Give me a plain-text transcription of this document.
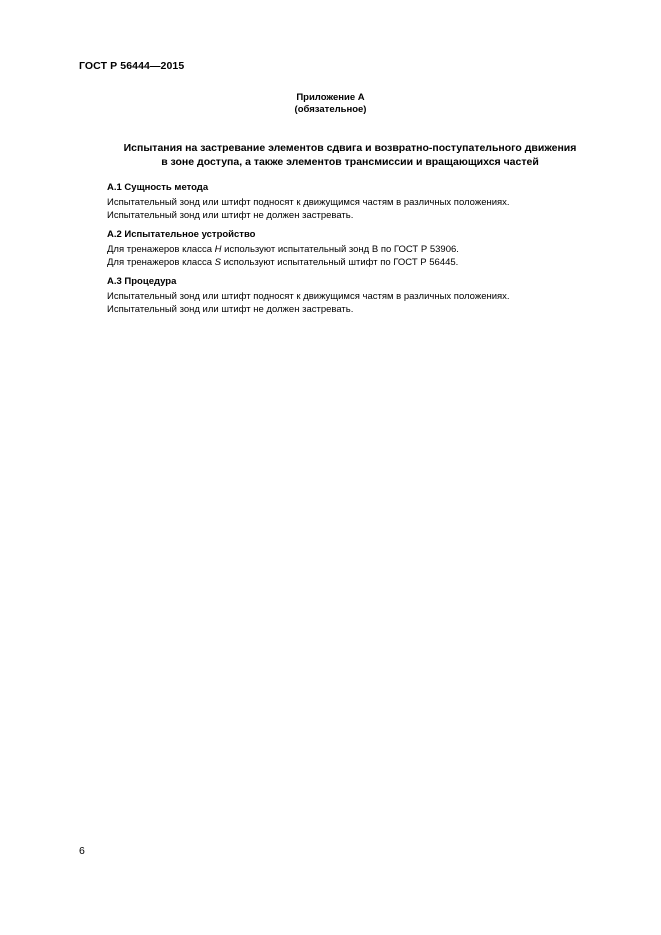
ГОСТ Р 56444—2015
Приложение А
(обязательное)
Испытания на застревание элементов сдвига и возвратно-поступательного движения
в зоне доступа, а также элементов трансмиссии и вращающихся частей
А.1 Сущность метода

Испытательный зонд или штифт подносят к движущимся частям в различных положениях.

Испытательный зонд или штифт не должен застревать.

А.2 Испытательное устройство

Для тренажеров класса Н используют испытательный зонд В по ГОСТ Р 53906.

Для тренажеров класса S используют испытательный штифт по ГОСТ Р 56445.

А.3 Процедура

Испытательный зонд или штифт подносят к движущимся частям в различных положениях.

Испытательный зонд или штифт не должен застревать.

6
